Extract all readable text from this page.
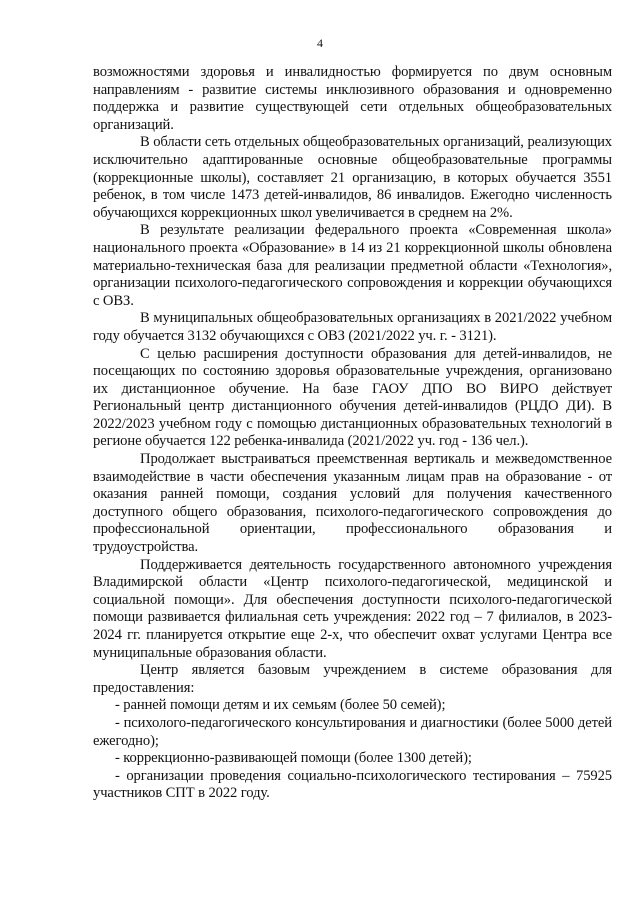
4

возможностями здоровья и инвалидностью формируется по двум основным направлениям - развитие системы инклюзивного образования и одновременно поддержка и развитие существующей сети отдельных общеобразовательных организаций.

В области сеть отдельных общеобразовательных организаций, реализующих исключительно адаптированные основные общеобразовательные программы (коррекционные школы), составляет 21 организацию, в которых обучается 3551 ребенок, в том числе 1473 детей-инвалидов, 86 инвалидов. Ежегодно численность обучающихся коррекционных школ увеличивается в среднем на 2%.

В результате реализации федерального проекта «Современная школа» национального проекта «Образование» в 14 из 21 коррекционной школы обновлена материально-техническая база для реализации предметной области «Технология», организации психолого-педагогического сопровождения и коррекции обучающихся с ОВЗ.

В муниципальных общеобразовательных организациях в 2021/2022 учебном году обучается 3132 обучающихся с ОВЗ (2021/2022 уч. г. - 3121).

С целью расширения доступности образования для детей-инвалидов, не посещающих по состоянию здоровья образовательные учреждения, организовано их дистанционное обучение. На базе ГАОУ ДПО ВО ВИРО действует Региональный центр дистанционного обучения детей-инвалидов (РЦДО ДИ). В 2022/2023 учебном году с помощью дистанционных образовательных технологий в регионе обучается 122 ребенка-инвалида (2021/2022 уч. год - 136 чел.).

Продолжает выстраиваться преемственная вертикаль и межведомственное взаимодействие в части обеспечения указанным лицам прав на образование - от оказания ранней помощи, создания условий для получения качественного доступного общего образования, психолого-педагогического сопровождения до профессиональной ориентации, профессионального образования и трудоустройства.

Поддерживается деятельность государственного автономного учреждения Владимирской области «Центр психолого-педагогической, медицинской и социальной помощи». Для обеспечения доступности психолого-педагогической помощи развивается филиальная сеть учреждения: 2022 год – 7 филиалов, в 2023-2024 гг. планируется открытие еще 2-х, что обеспечит охват услугами Центра все муниципальные образования области.

Центр является базовым учреждением в системе образования для предоставления:

- ранней помощи детям и их семьям (более 50 семей);

- психолого-педагогического консультирования и диагностики (более 5000 детей ежегодно);

- коррекционно-развивающей помощи (более 1300 детей);

- организации проведения социально-психологического тестирования – 75925 участников СПТ в 2022 году.
